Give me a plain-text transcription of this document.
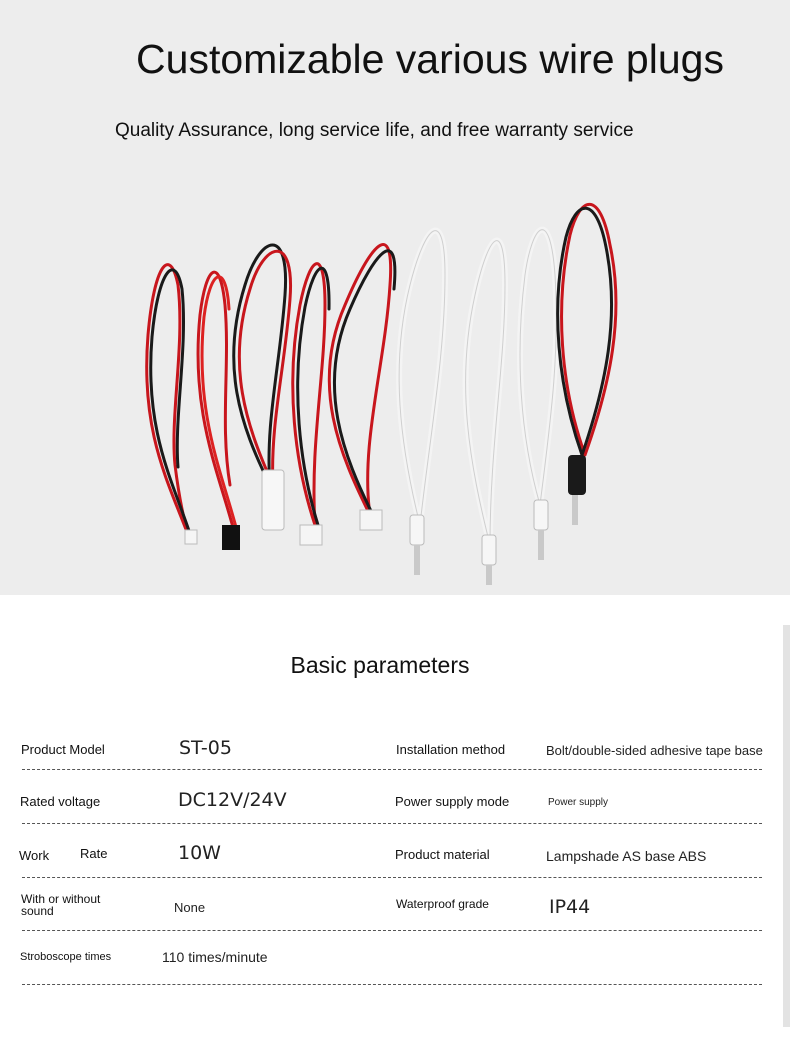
Customizable various wire plugs
Quality Assurance, long service life, and free warranty service
Basic parameters
Product Model	ST-05	Installation method	Bolt/double-sided adhesive tape base
Rated voltage	DC12V/24V	Power supply mode	Power supply
Work Rate	10W	Product material	Lampshade AS base ABS
With or without sound	None	Waterproof grade	IP44
Stroboscope times	110 times/minute
